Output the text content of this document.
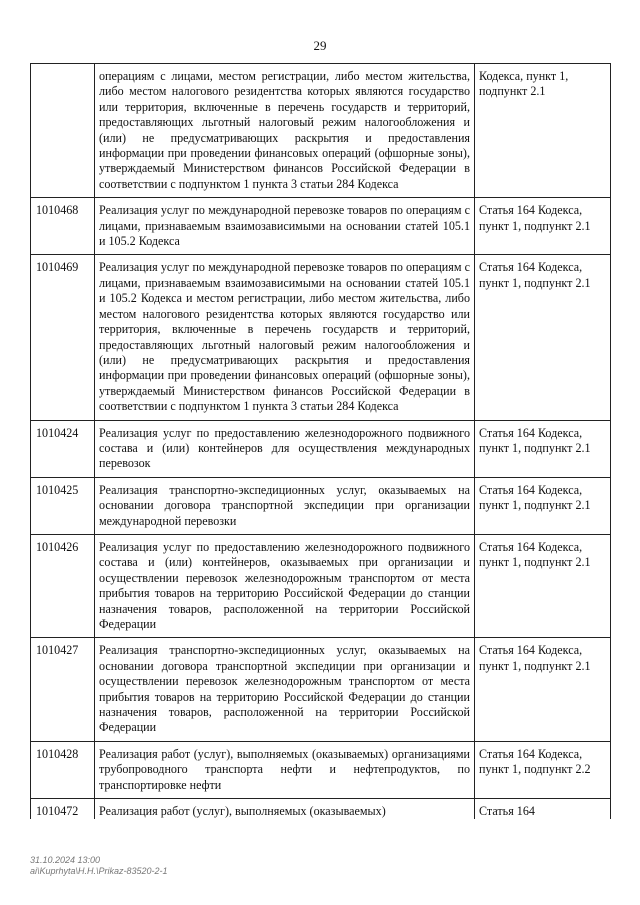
29
	операциям с лицами, местом регистрации, либо местом жительства, либо местом налогового резидентства которых являются государство или территория, включенные в перечень государств и территорий, предоставляющих льготный налоговый режим налогообложения и (или) не предусматривающих раскрытия и предоставления информации при проведении финансовых операций (офшорные зоны), утверждаемый Министерством финансов Российской Федерации в соответствии с подпунктом 1 пункта 3 статьи 284 Кодекса	Кодекса, пункт 1, подпункт 2.1
1010468	Реализация услуг по международной перевозке товаров по операциям с лицами, признаваемым взаимозависимыми на основании статей 105.1 и 105.2 Кодекса	Статья 164 Кодекса, пункт 1, подпункт 2.1
1010469	Реализация услуг по международной перевозке товаров по операциям с лицами, признаваемым взаимозависимыми на основании статей 105.1 и 105.2 Кодекса и местом регистрации, либо местом жительства, либо местом налогового резидентства которых являются государство или территория, включенные в перечень государств и территорий, предоставляющих льготный налоговый режим налогообложения и (или) не предусматривающих раскрытия и предоставления информации при проведении финансовых операций (офшорные зоны), утверждаемый Министерством финансов Российской Федерации в соответствии с подпунктом 1 пункта 3 статьи 284 Кодекса	Статья 164 Кодекса, пункт 1, подпункт 2.1
1010424	Реализация услуг по предоставлению железнодорожного подвижного состава и (или) контейнеров для осуществления международных перевозок	Статья 164 Кодекса, пункт 1, подпункт 2.1
1010425	Реализация транспортно-экспедиционных услуг, оказываемых на основании договора транспортной экспедиции при организации международной перевозки	Статья 164 Кодекса, пункт 1, подпункт 2.1
1010426	Реализация услуг по предоставлению железнодорожного подвижного состава и (или) контейнеров, оказываемых при организации и осуществлении перевозок железнодорожным транспортом от места прибытия товаров на территорию Российской Федерации до станции назначения товаров, расположенной на территории Российской Федерации	Статья 164 Кодекса, пункт 1, подпункт 2.1
1010427	Реализация транспортно-экспедиционных услуг, оказываемых на основании договора транспортной экспедиции при организации и осуществлении перевозок железнодорожным транспортом от места прибытия товаров на территорию Российской Федерации до станции назначения товаров, расположенной на территории Российской Федерации	Статья 164 Кодекса, пункт 1, подпункт 2.1
1010428	Реализация работ (услуг), выполняемых (оказываемых) организациями трубопроводного транспорта нефти и нефтепродуктов, по транспортировке нефти	Статья 164 Кодекса, пункт 1, подпункт 2.2
1010472	Реализация работ (услуг), выполняемых (оказываемых)	Статья 164
31.10.2024 13:00
ai\Kuprhyta\H.H.\Prikaz-83520-2-1
